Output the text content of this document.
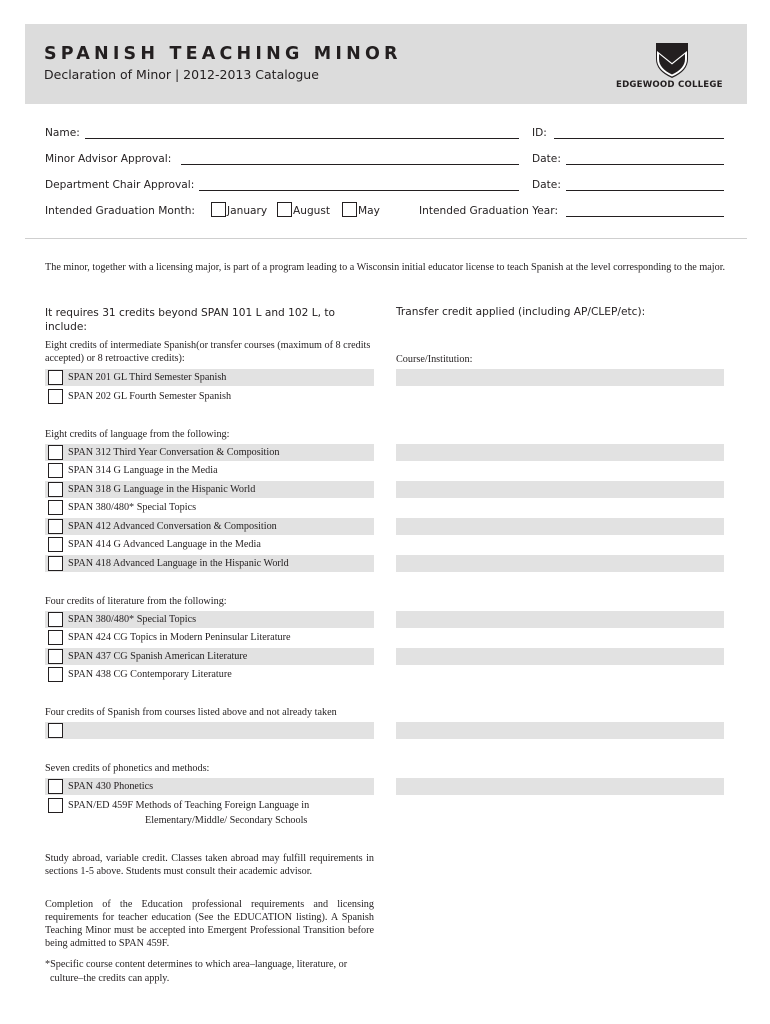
SPANISH TEACHING MINOR
Declaration of Minor | 2012-2013 Catalogue
EDGEWOOD COLLEGE
Name:	ID:
Minor Advisor Approval:	Date:
Department Chair Approval:	Date:
Intended Graduation Month:	January August	May	Intended Graduation Year:
The minor, together with a licensing major, is part of a program leading to a Wisconsin initial educator license to teach Spanish at the level corresponding to the major.
It requires 31 credits beyond SPAN 101 L and 102 L, to include:
Transfer credit applied (including AP/CLEP/etc):
Eight credits of intermediate Spanish(or transfer courses (maximum of 8 credits accepted) or 8 retroactive credits):	Course/Institution:
SPAN 201 GL Third Semester Spanish
SPAN 202 GL Fourth Semester Spanish
Eight credits of language from the following:
SPAN 312 Third Year Conversation & Composition
SPAN 314 G Language in the Media
SPAN 318 G Language in the Hispanic World
SPAN 380/480* Special Topics
SPAN 412 Advanced Conversation & Composition
SPAN 414 G Advanced Language in the Media
SPAN 418 Advanced Language in the Hispanic World
Four credits of literature from the following:
SPAN 380/480* Special Topics
SPAN 424 CG Topics in Modern Peninsular Literature
SPAN 437 CG Spanish American Literature
SPAN 438 CG Contemporary Literature
Four credits of Spanish from courses listed above and not already taken
Seven credits of phonetics and methods:
SPAN 430 Phonetics
SPAN/ED 459F Methods of Teaching Foreign Language in
Elementary/Middle/ Secondary Schools
Study abroad, variable credit. Classes taken abroad may fulfill requirements in sections 1-5 above. Students must consult their academic advisor.
Completion of the Education professional requirements and licensing requirements for teacher education (See the EDUCATION listing). A Spanish Teaching Minor must be accepted into Emergent Professional Transition before being admitted to SPAN 459F.
*Specific course content determines to which area–language, literature, or
culture–the credits can apply.
